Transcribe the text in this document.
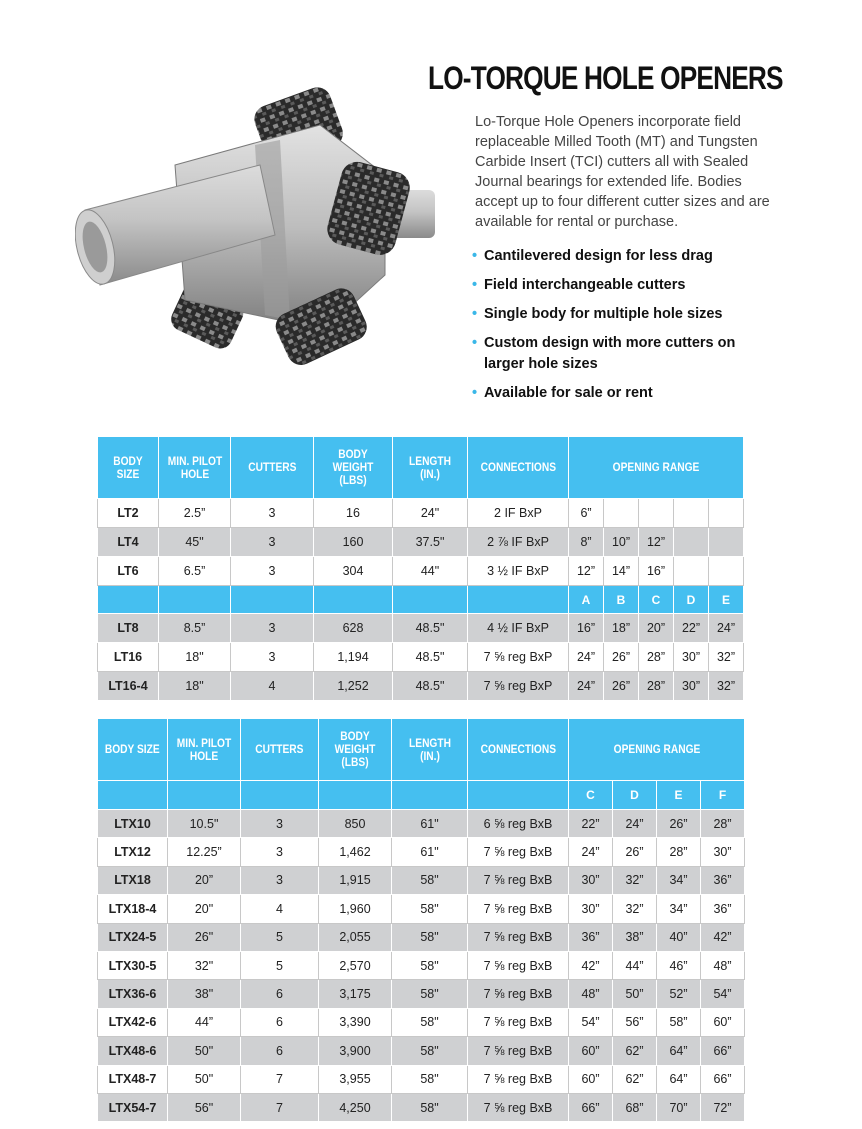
LO-TORQUE HOLE OPENERS
Lo-Torque Hole Openers incorporate field replaceable Milled Tooth (MT) and Tungsten Carbide Insert (TCI) cutters all with Sealed Journal bearings for extended life. Bodies accept up to four different cutter sizes and are available for rental or purchase.
• Cantilevered design for less drag
• Field interchangeable cutters
• Single body for multiple hole sizes
• Custom design with more cutters on larger hole sizes
• Available for sale or rent
BODY SIZE	MIN. PILOT HOLE	CUTTERS	BODY WEIGHT (LBS)	LENGTH (IN.)	CONNECTIONS	OPENING RANGE				
LT2	2.5”	3	16	24"	2 IF BxP	6”				
LT4	45"	3	160	37.5"	2 ⅞ IF BxP	8”	10”	12”		
LT6	6.5”	3	304	44"	3 ½ IF BxP	12”	14”	16”		
						A	B	C	D	E
LT8	8.5”	3	628	48.5"	4 ½ IF BxP	16”	18”	20”	22”	24”
LT16	18"	3	1,194	48.5"	7 ⅝ reg BxP	24”	26”	28”	30”	32”
LT16-4	18"	4	1,252	48.5"	7 ⅝ reg BxP	24”	26”	28”	30”	32”
BODY SIZE	MIN. PILOT HOLE	CUTTERS	BODY WEIGHT (LBS)	LENGTH (IN.)	CONNECTIONS	OPENING RANGE			
						C	D	E	F
LTX10	10.5"	3	850	61"	6 ⅝ reg BxB	22”	24”	26”	28”
LTX12	12.25”	3	1,462	61"	7 ⅝ reg BxB	24”	26”	28”	30”
LTX18	20”	3	1,915	58"	7 ⅝ reg BxB	30”	32”	34”	36”
LTX18-4	20"	4	1,960	58"	7 ⅝ reg BxB	30”	32”	34”	36”
LTX24-5	26"	5	2,055	58"	7 ⅝ reg BxB	36”	38”	40”	42”
LTX30-5	32"	5	2,570	58"	7 ⅝ reg BxB	42”	44”	46”	48”
LTX36-6	38"	6	3,175	58"	7 ⅝ reg BxB	48”	50”	52”	54”
LTX42-6	44”	6	3,390	58"	7 ⅝ reg BxB	54”	56”	58”	60”
LTX48-6	50"	6	3,900	58"	7 ⅝ reg BxB	60”	62”	64”	66”
LTX48-7	50"	7	3,955	58"	7 ⅝ reg BxB	60”	62”	64”	66”
LTX54-7	56"	7	4,250	58"	7 ⅝ reg BxB	66”	68”	70”	72”
